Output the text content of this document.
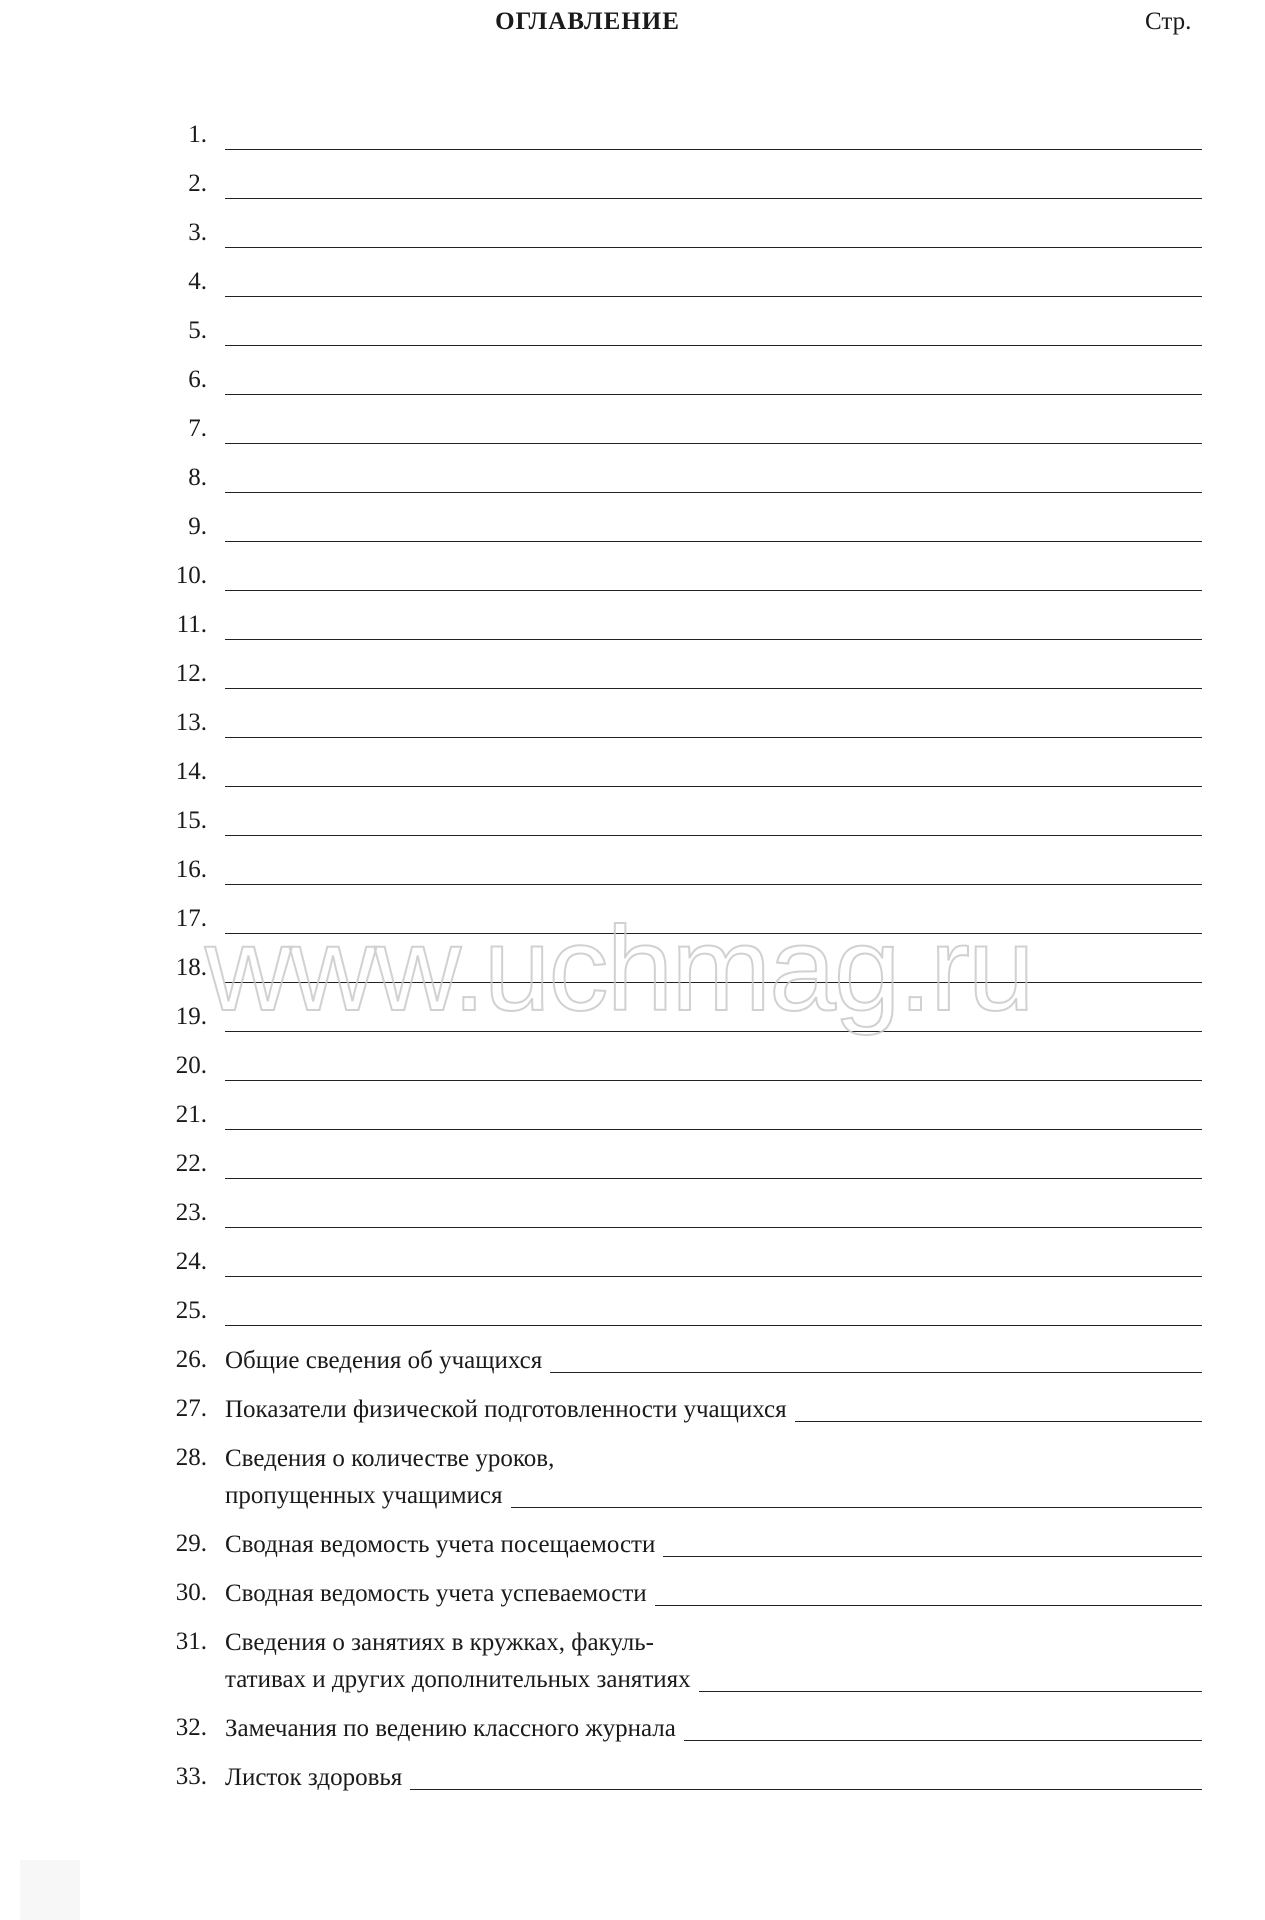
ОГЛАВЛЕНИЕ	Стр.
1.
2.
3.
4.
5.
6.
7.
8.
9.
10.
11.
12.
13.
14.
15.
16.
17.
18.
19.
20.
21.
22.
23.
24.
25.
26. Общие сведения об учащихся
27. Показатели физической подготовленности учащихся
28. Сведения о количестве уроков,
пропущенных учащимися
29. Сводная ведомость учета посещаемости
30. Сводная ведомость учета успеваемости
31. Сведения о занятиях в кружках, факуль-
тативах и других дополнительных занятиях
32. Замечания по ведению классного журнала
33. Листок здоровья
www.uchmag.ru
